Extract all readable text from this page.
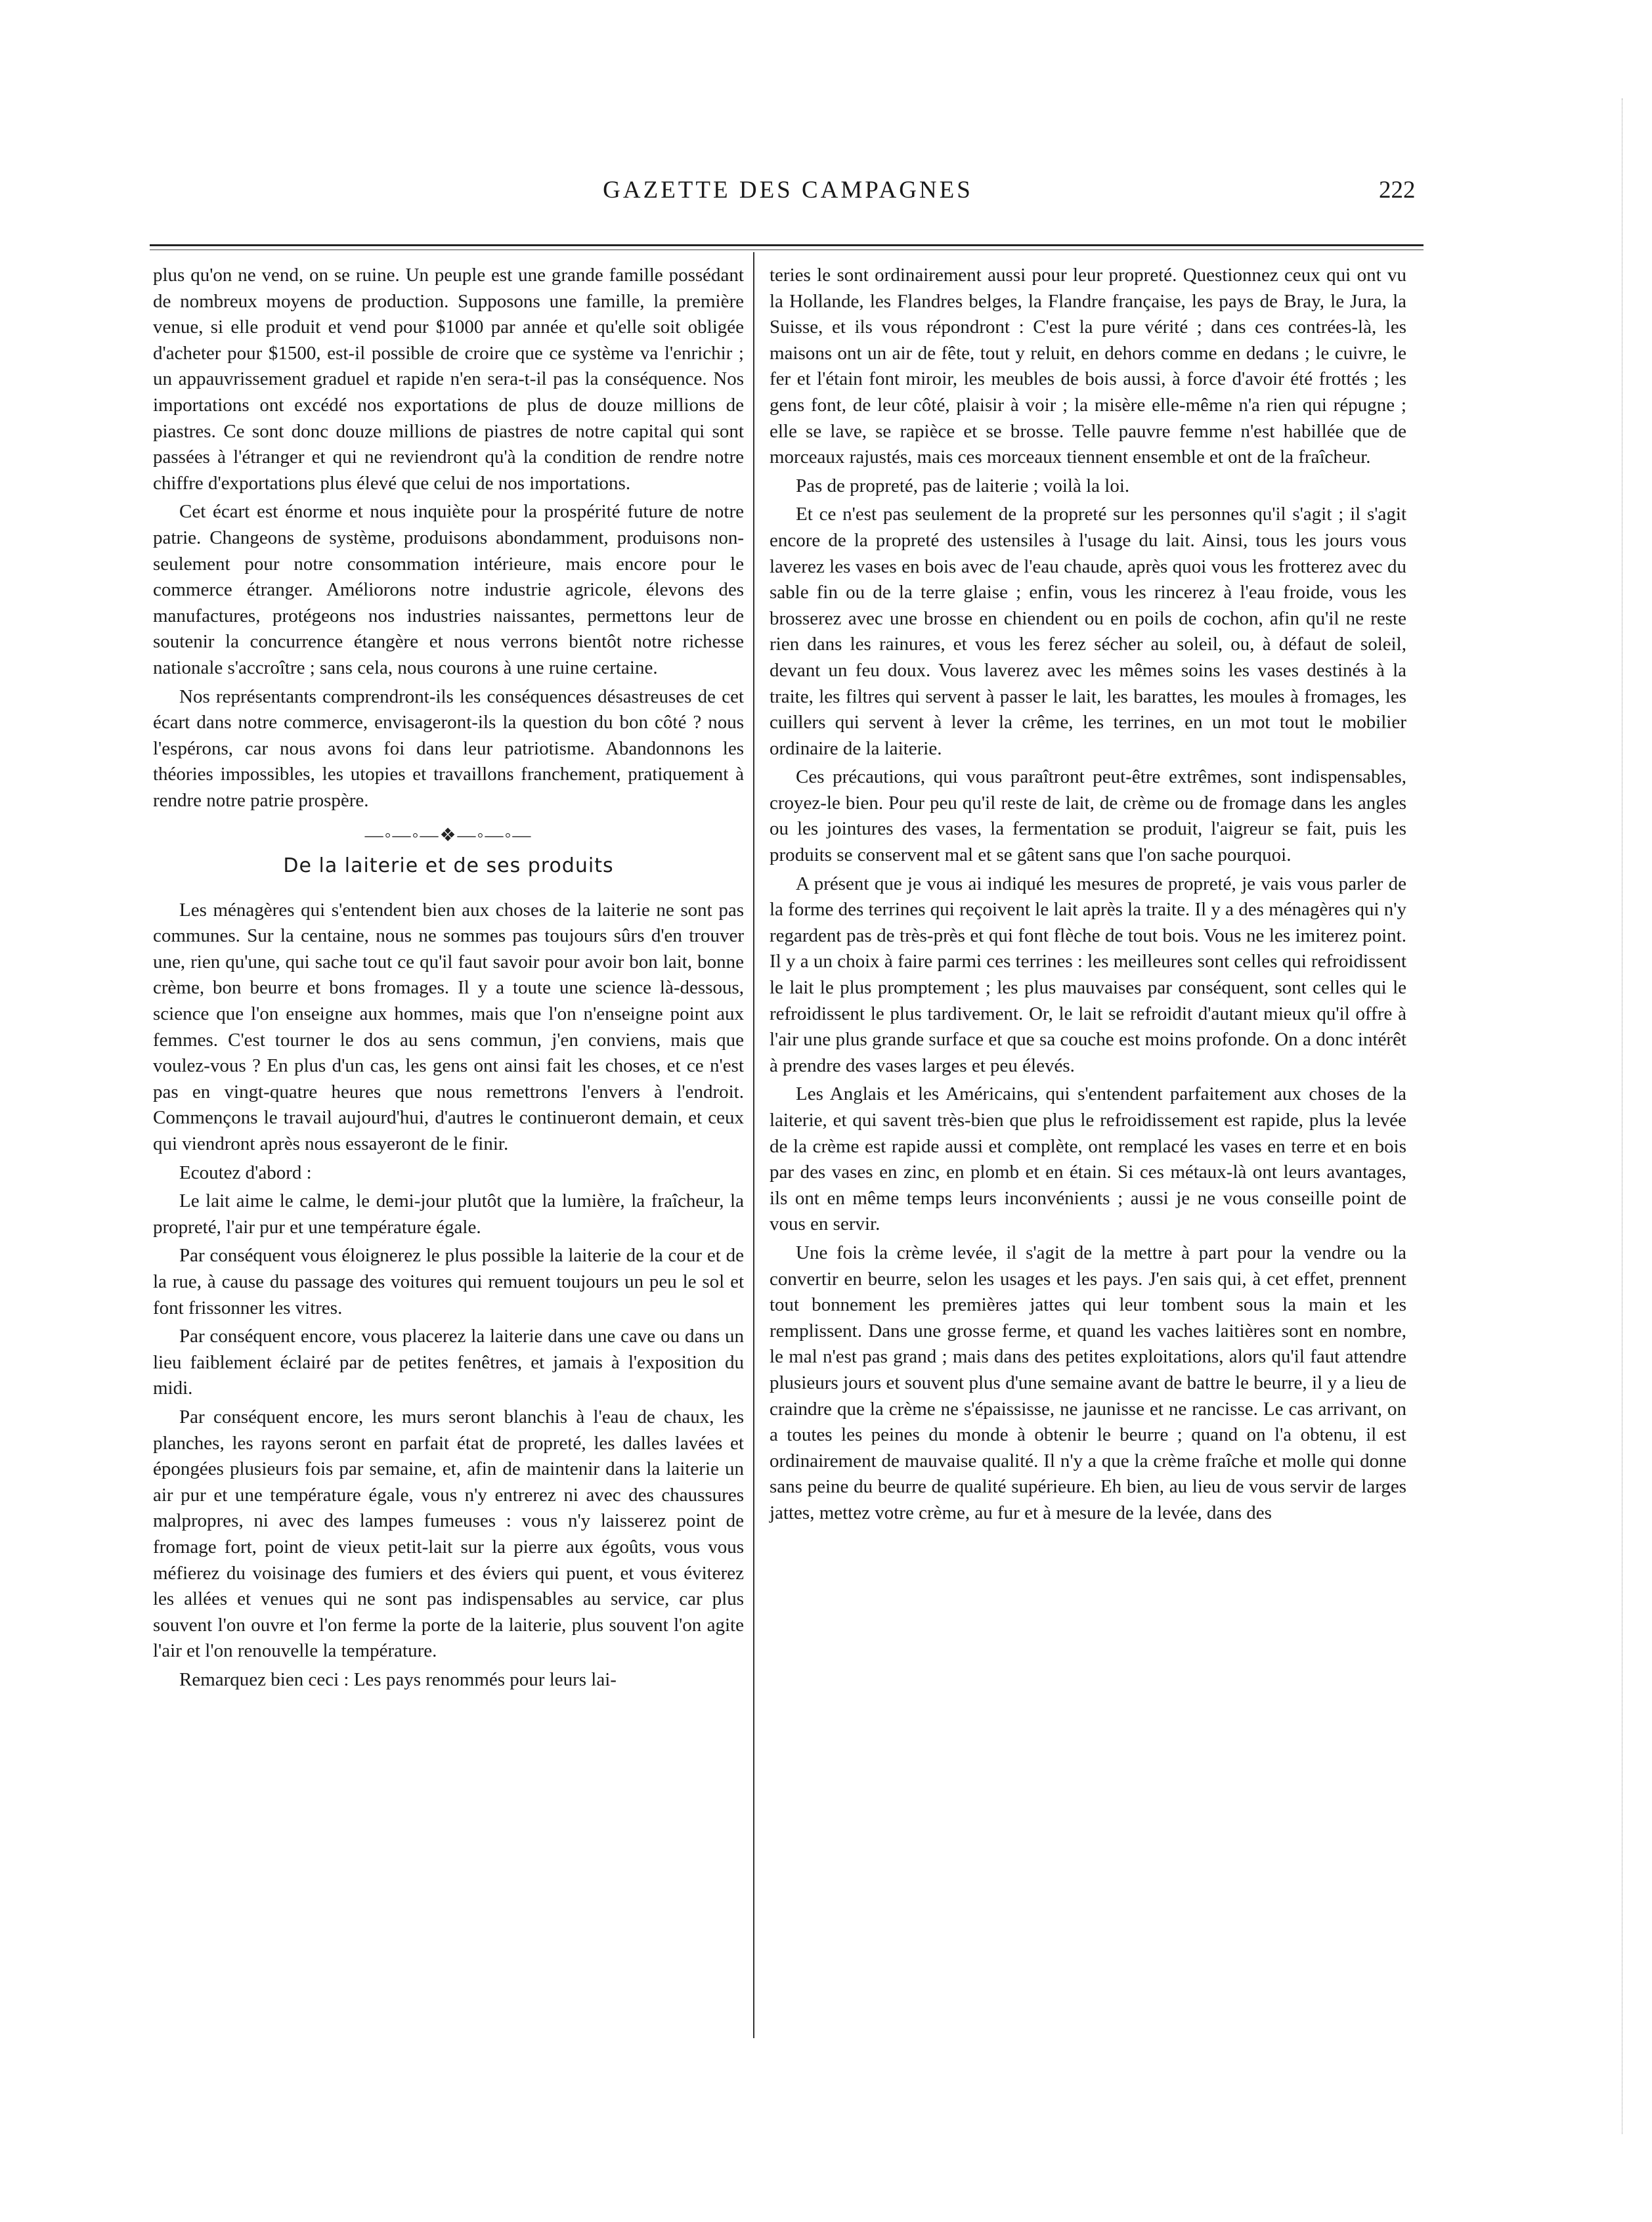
GAZETTE DES CAMPAGNES	222

plus qu'on ne vend, on se ruine. Un peuple est une grande famille possédant de nombreux moyens de production. Supposons une famille, la première venue, si elle produit et vend pour $1000 par année et qu'elle soit obligée d'acheter pour $1500, est-il possible de croire que ce système va l'enrichir ; un appauvrissement graduel et rapide n'en sera-t-il pas la conséquence. Nos importations ont excédé nos exportations de plus de douze millions de piastres. Ce sont donc douze millions de piastres de notre capital qui sont passées à l'étranger et qui ne reviendront qu'à la condition de rendre notre chiffre d'exportations plus élevé que celui de nos importations.

Cet écart est énorme et nous inquiète pour la prospérité future de notre patrie. Changeons de système, produisons abondamment, produisons non-seulement pour notre consommation intérieure, mais encore pour le commerce étranger. Améliorons notre industrie agricole, élevons des manufactures, protégeons nos industries naissantes, permettons leur de soutenir la concurrence étangère et nous verrons bientôt notre richesse nationale s'accroître ; sans cela, nous courons à une ruine certaine.

Nos représentants comprendront-ils les conséquences désastreuses de cet écart dans notre commerce, envisageront-ils la question du bon côté ? nous l'espérons, car nous avons foi dans leur patriotisme. Abandonnons les théories impossibles, les utopies et travaillons franchement, pratiquement à rendre notre patrie prospère.

—◦—◦—❖—◦—◦—
De la laiterie et de ses produits

Les ménagères qui s'entendent bien aux choses de la laiterie ne sont pas communes. Sur la centaine, nous ne sommes pas toujours sûrs d'en trouver une, rien qu'une, qui sache tout ce qu'il faut savoir pour avoir bon lait, bonne crème, bon beurre et bons fromages. Il y a toute une science là-dessous, science que l'on enseigne aux hommes, mais que l'on n'enseigne point aux femmes. C'est tourner le dos au sens commun, j'en conviens, mais que voulez-vous ? En plus d'un cas, les gens ont ainsi fait les choses, et ce n'est pas en vingt-quatre heures que nous remettrons l'envers à l'endroit. Commençons le travail aujourd'hui, d'autres le continueront demain, et ceux qui viendront après nous essayeront de le finir.

Ecoutez d'abord :

Le lait aime le calme, le demi-jour plutôt que la lumière, la fraîcheur, la propreté, l'air pur et une température égale.

Par conséquent vous éloignerez le plus possible la laiterie de la cour et de la rue, à cause du passage des voitures qui remuent toujours un peu le sol et font frissonner les vitres.

Par conséquent encore, vous placerez la laiterie dans une cave ou dans un lieu faiblement éclairé par de petites fenêtres, et jamais à l'exposition du midi.

Par conséquent encore, les murs seront blanchis à l'eau de chaux, les planches, les rayons seront en parfait état de propreté, les dalles lavées et épongées plusieurs fois par semaine, et, afin de maintenir dans la laiterie un air pur et une température égale, vous n'y entrerez ni avec des chaussures malpropres, ni avec des lampes fumeuses : vous n'y laisserez point de fromage fort, point de vieux petit-lait sur la pierre aux égoûts, vous vous méfierez du voisinage des fumiers et des éviers qui puent, et vous éviterez les allées et venues qui ne sont pas indispensables au service, car plus souvent l'on ouvre et l'on ferme la porte de la laiterie, plus souvent l'on agite l'air et l'on renouvelle la température.

Remarquez bien ceci : Les pays renommés pour leurs lai-

teries le sont ordinairement aussi pour leur propreté. Questionnez ceux qui ont vu la Hollande, les Flandres belges, la Flandre française, les pays de Bray, le Jura, la Suisse, et ils vous répondront : C'est la pure vérité ; dans ces contrées-là, les maisons ont un air de fête, tout y reluit, en dehors comme en dedans ; le cuivre, le fer et l'étain font miroir, les meubles de bois aussi, à force d'avoir été frottés ; les gens font, de leur côté, plaisir à voir ; la misère elle-même n'a rien qui répugne ; elle se lave, se rapièce et se brosse. Telle pauvre femme n'est habillée que de morceaux rajustés, mais ces morceaux tiennent ensemble et ont de la fraîcheur.

Pas de propreté, pas de laiterie ; voilà la loi.

Et ce n'est pas seulement de la propreté sur les personnes qu'il s'agit ; il s'agit encore de la propreté des ustensiles à l'usage du lait. Ainsi, tous les jours vous laverez les vases en bois avec de l'eau chaude, après quoi vous les frotterez avec du sable fin ou de la terre glaise ; enfin, vous les rincerez à l'eau froide, vous les brosserez avec une brosse en chiendent ou en poils de cochon, afin qu'il ne reste rien dans les rainures, et vous les ferez sécher au soleil, ou, à défaut de soleil, devant un feu doux. Vous laverez avec les mêmes soins les vases destinés à la traite, les filtres qui servent à passer le lait, les barattes, les moules à fromages, les cuillers qui servent à lever la crême, les terrines, en un mot tout le mobilier ordinaire de la laiterie.

Ces précautions, qui vous paraîtront peut-être extrêmes, sont indispensables, croyez-le bien. Pour peu qu'il reste de lait, de crème ou de fromage dans les angles ou les jointures des vases, la fermentation se produit, l'aigreur se fait, puis les produits se conservent mal et se gâtent sans que l'on sache pourquoi.

A présent que je vous ai indiqué les mesures de propreté, je vais vous parler de la forme des terrines qui reçoivent le lait après la traite. Il y a des ménagères qui n'y regardent pas de très-près et qui font flèche de tout bois. Vous ne les imiterez point. Il y a un choix à faire parmi ces terrines : les meilleures sont celles qui refroidissent le lait le plus promptement ; les plus mauvaises par conséquent, sont celles qui le refroidissent le plus tardivement. Or, le lait se refroidit d'autant mieux qu'il offre à l'air une plus grande surface et que sa couche est moins profonde. On a donc intérêt à prendre des vases larges et peu élevés.

Les Anglais et les Américains, qui s'entendent parfaitement aux choses de la laiterie, et qui savent très-bien que plus le refroidissement est rapide, plus la levée de la crème est rapide aussi et complète, ont remplacé les vases en terre et en bois par des vases en zinc, en plomb et en étain. Si ces métaux-là ont leurs avantages, ils ont en même temps leurs inconvénients ; aussi je ne vous conseille point de vous en servir.

Une fois la crème levée, il s'agit de la mettre à part pour la vendre ou la convertir en beurre, selon les usages et les pays. J'en sais qui, à cet effet, prennent tout bonnement les premières jattes qui leur tombent sous la main et les remplissent. Dans une grosse ferme, et quand les vaches laitières sont en nombre, le mal n'est pas grand ; mais dans des petites exploitations, alors qu'il faut attendre plusieurs jours et souvent plus d'une semaine avant de battre le beurre, il y a lieu de craindre que la crème ne s'épaississe, ne jaunisse et ne rancisse. Le cas arrivant, on a toutes les peines du monde à obtenir le beurre ; quand on l'a obtenu, il est ordinairement de mauvaise qualité. Il n'y a que la crème fraîche et molle qui donne sans peine du beurre de qualité supérieure. Eh bien, au lieu de vous servir de larges jattes, mettez votre crème, au fur et à mesure de la levée, dans des
